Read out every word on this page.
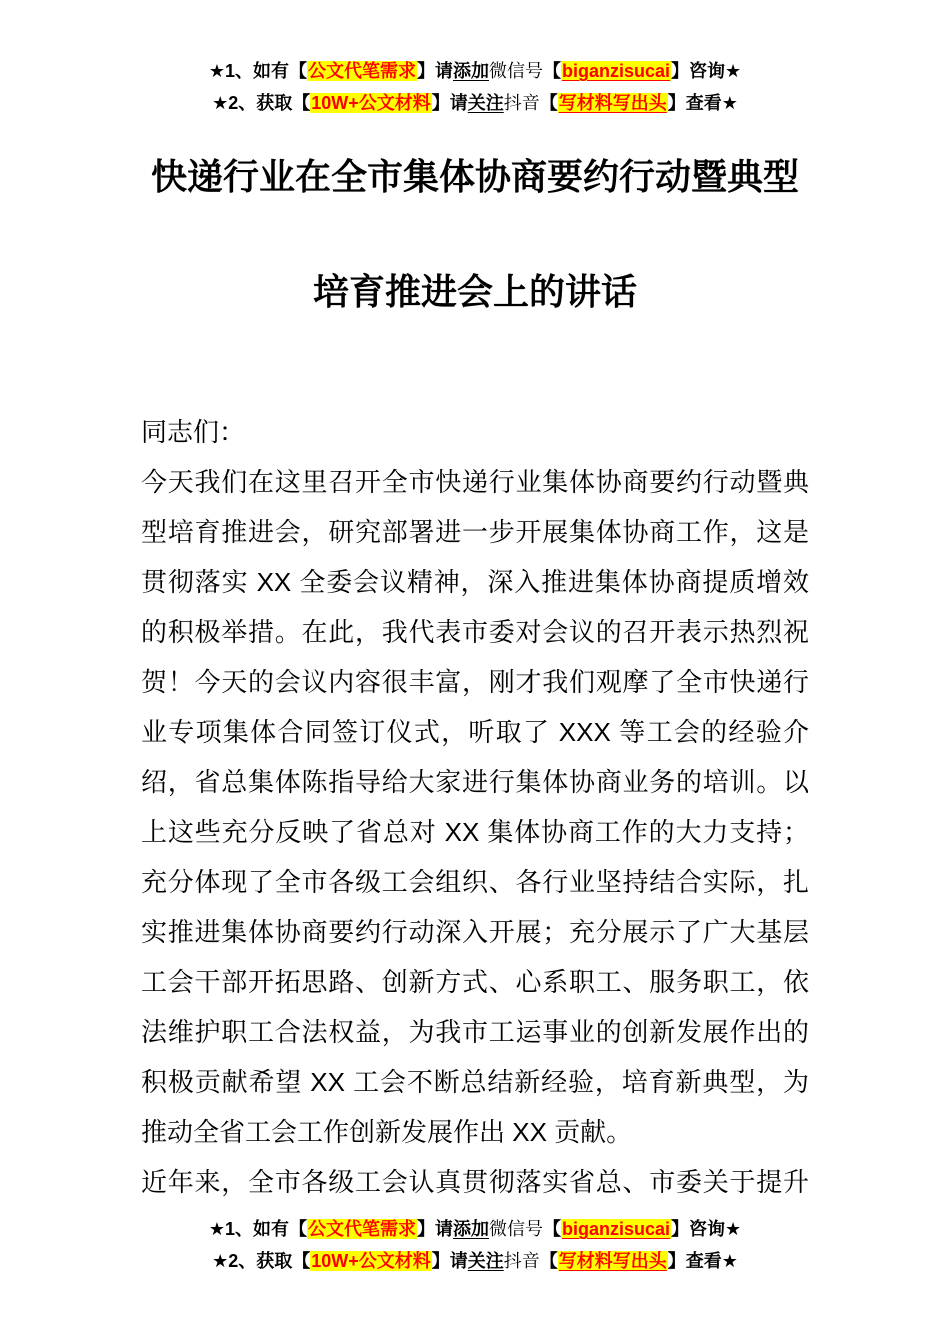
★1、如有【公文代笔需求】请添加微信号【biganzisucai】咨询★
★2、获取【10W+公文材料】请关注抖音【写材料写出头】查看★
快递行业在全市集体协商要约行动暨典型
培育推进会上的讲话

同志们：

今天我们在这里召开全市快递行业集体协商要约行动暨典型培育推进会，研究部署进一步开展集体协商工作，这是贯彻落实 XX 全委会议精神，深入推进集体协商提质增效的积极举措。在此，我代表市委对会议的召开表示热烈祝贺！今天的会议内容很丰富，刚才我们观摩了全市快递行业专项集体合同签订仪式，听取了 XXX 等工会的经验介绍，省总集体陈指导给大家进行集体协商业务的培训。以上这些充分反映了省总对 XX 集体协商工作的大力支持；充分体现了全市各级工会组织、各行业坚持结合实际，扎实推进集体协商要约行动深入开展；充分展示了广大基层工会干部开拓思路、创新方式、心系职工、服务职工，依法维护职工合法权益，为我市工运事业的创新发展作出的积极贡献希望 XX 工会不断总结新经验，培育新典型，为推动全省工会工作创新发展作出 XX 贡献。

近年来，全市各级工会认真贯彻落实省总、市委关于提升

★1、如有【公文代笔需求】请添加微信号【biganzisucai】咨询★
★2、获取【10W+公文材料】请关注抖音【写材料写出头】查看★
